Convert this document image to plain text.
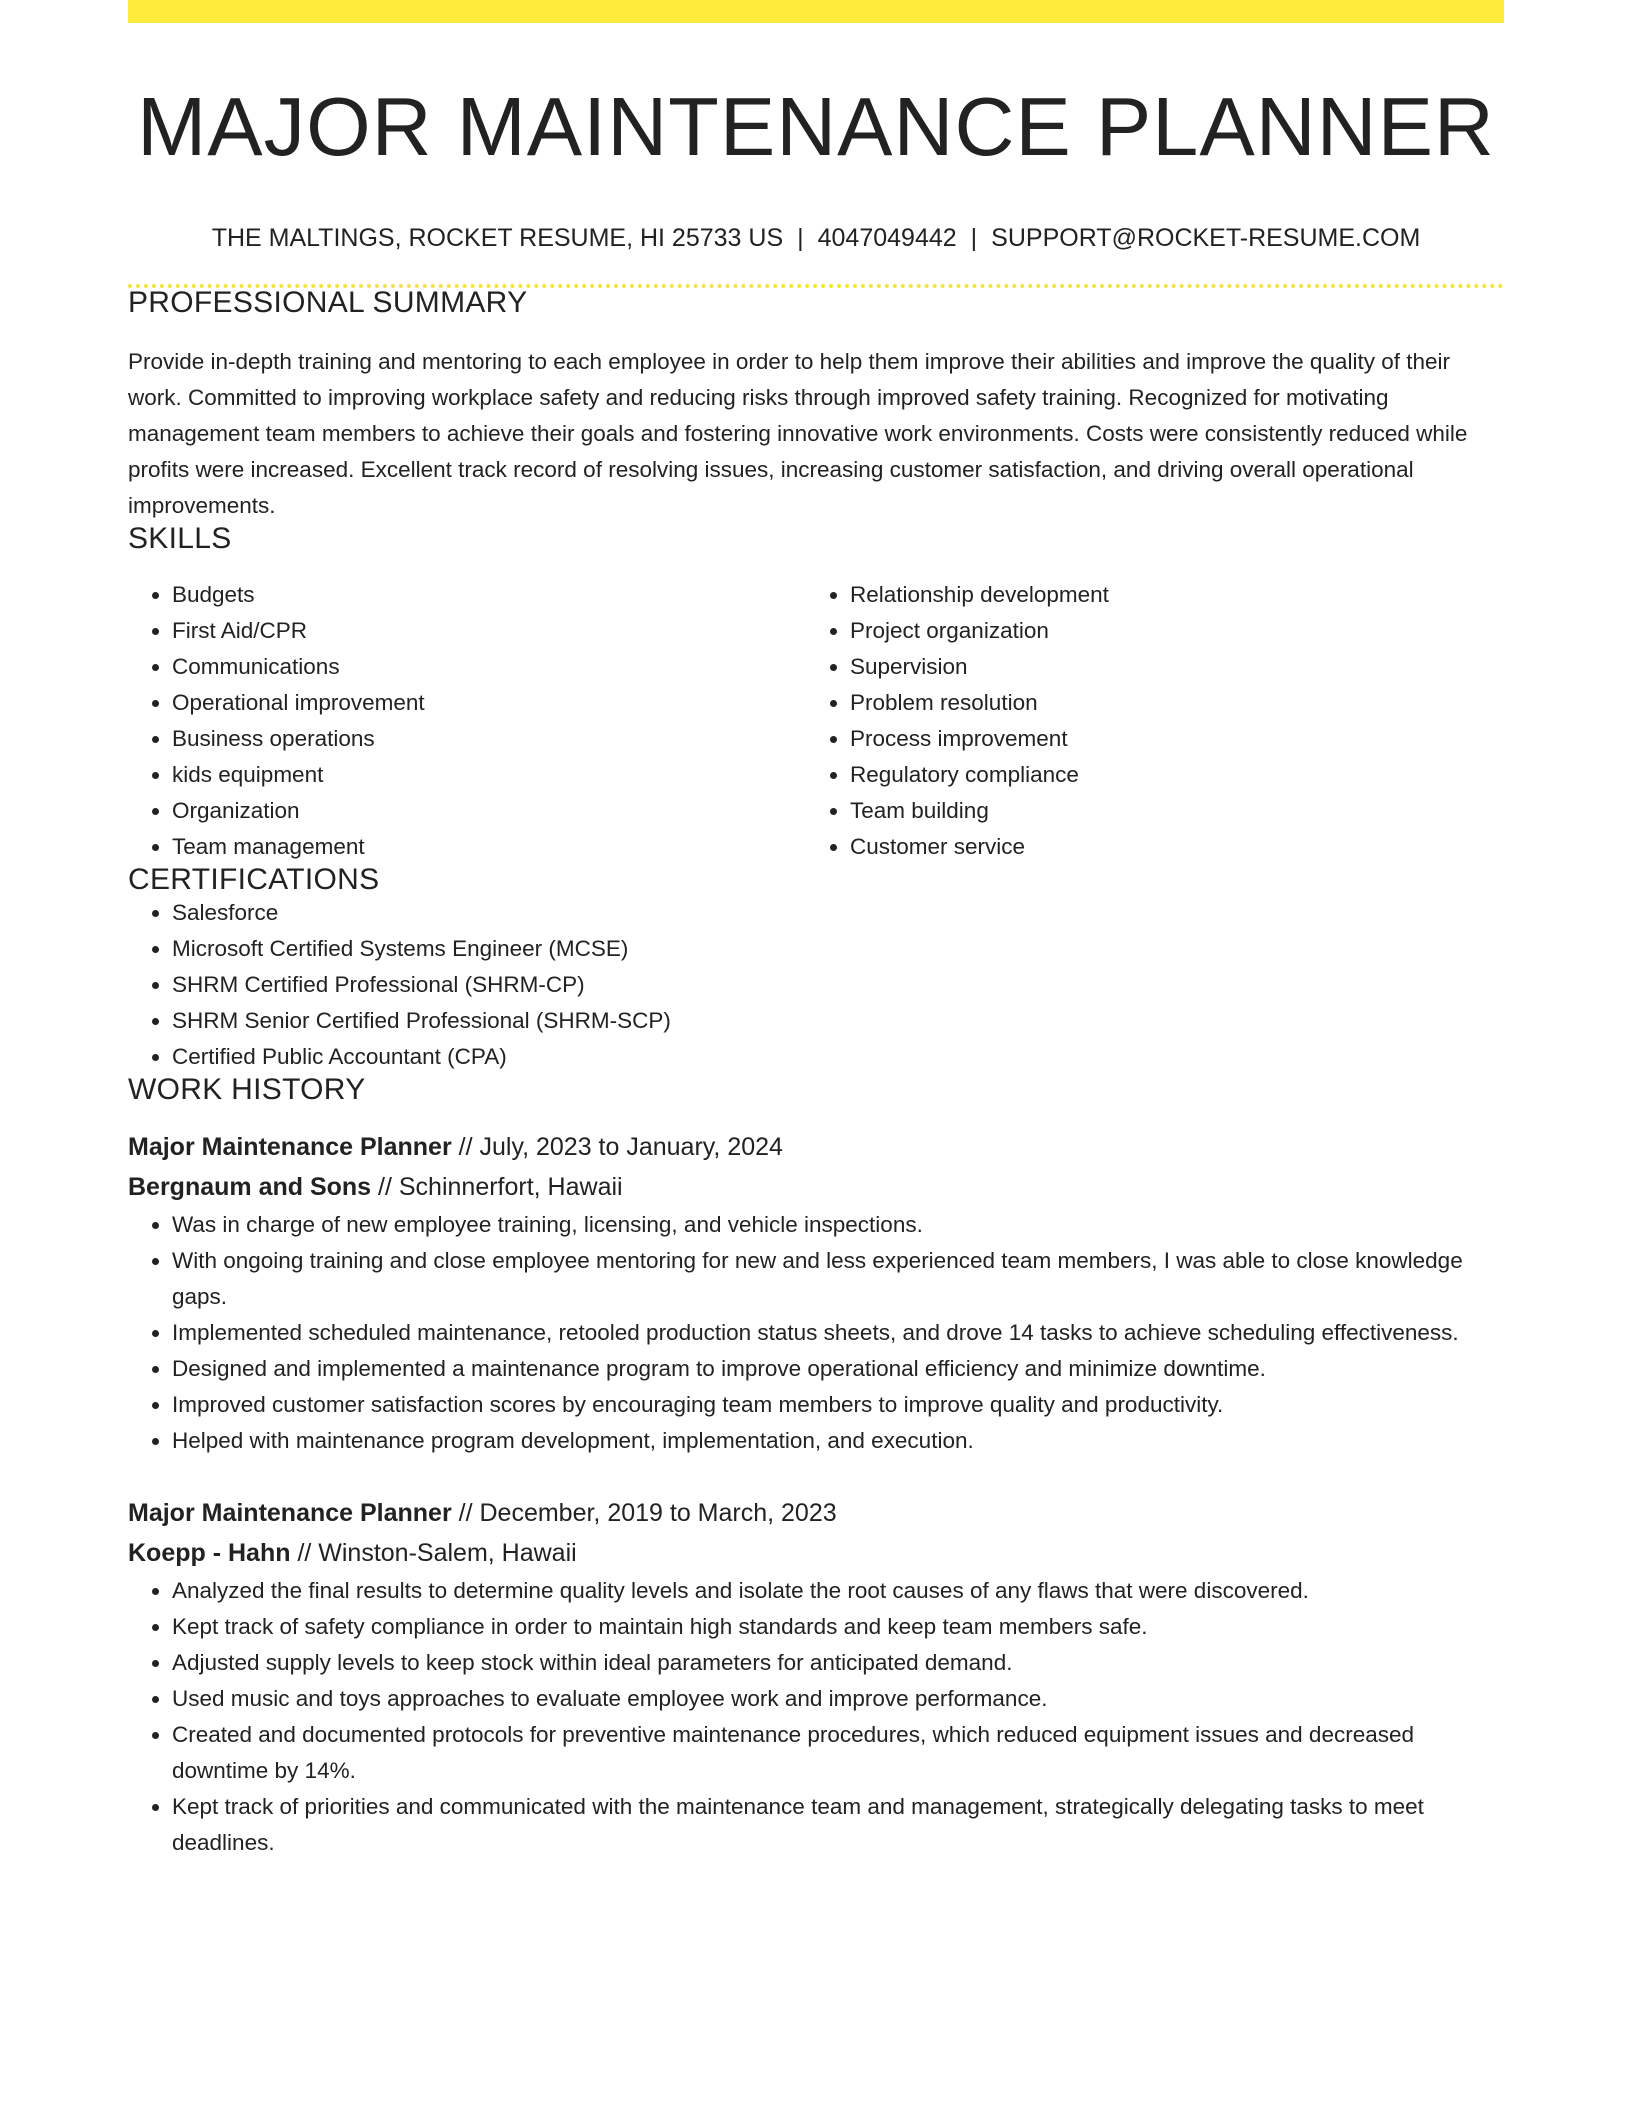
MAJOR MAINTENANCE PLANNER
THE MALTINGS, ROCKET RESUME, HI 25733 US | 4047049442 | SUPPORT@ROCKET-RESUME.COM
PROFESSIONAL SUMMARY

Provide in-depth training and mentoring to each employee in order to help them improve their abilities and improve the quality of their work. Committed to improving workplace safety and reducing risks through improved safety training. Recognized for motivating management team members to achieve their goals and fostering innovative work environments. Costs were consistently reduced while profits were increased. Excellent track record of resolving issues, increasing customer satisfaction, and driving overall operational improvements.

SKILLS
• Budgets
• First Aid/CPR
• Communications
• Operational improvement
• Business operations
• kids equipment
• Organization
• Team management
• Relationship development
• Project organization
• Supervision
• Problem resolution
• Process improvement
• Regulatory compliance
• Team building
• Customer service
CERTIFICATIONS
• Salesforce
• Microsoft Certified Systems Engineer (MCSE)
• SHRM Certified Professional (SHRM-CP)
• SHRM Senior Certified Professional (SHRM-SCP)
• Certified Public Accountant (CPA)
WORK HISTORY
Major Maintenance Planner // July, 2023 to January, 2024
Bergnaum and Sons // Schinnerfort, Hawaii
• Was in charge of new employee training, licensing, and vehicle inspections.
• With ongoing training and close employee mentoring for new and less experienced team members, I was able to close knowledge gaps.
• Implemented scheduled maintenance, retooled production status sheets, and drove 14 tasks to achieve scheduling effectiveness.
• Designed and implemented a maintenance program to improve operational efficiency and minimize downtime.
• Improved customer satisfaction scores by encouraging team members to improve quality and productivity.
• Helped with maintenance program development, implementation, and execution.
Major Maintenance Planner // December, 2019 to March, 2023
Koepp - Hahn // Winston-Salem, Hawaii
• Analyzed the final results to determine quality levels and isolate the root causes of any flaws that were discovered.
• Kept track of safety compliance in order to maintain high standards and keep team members safe.
• Adjusted supply levels to keep stock within ideal parameters for anticipated demand.
• Used music and toys approaches to evaluate employee work and improve performance.
• Created and documented protocols for preventive maintenance procedures, which reduced equipment issues and decreased downtime by 14%.
• Kept track of priorities and communicated with the maintenance team and management, strategically delegating tasks to meet deadlines.
